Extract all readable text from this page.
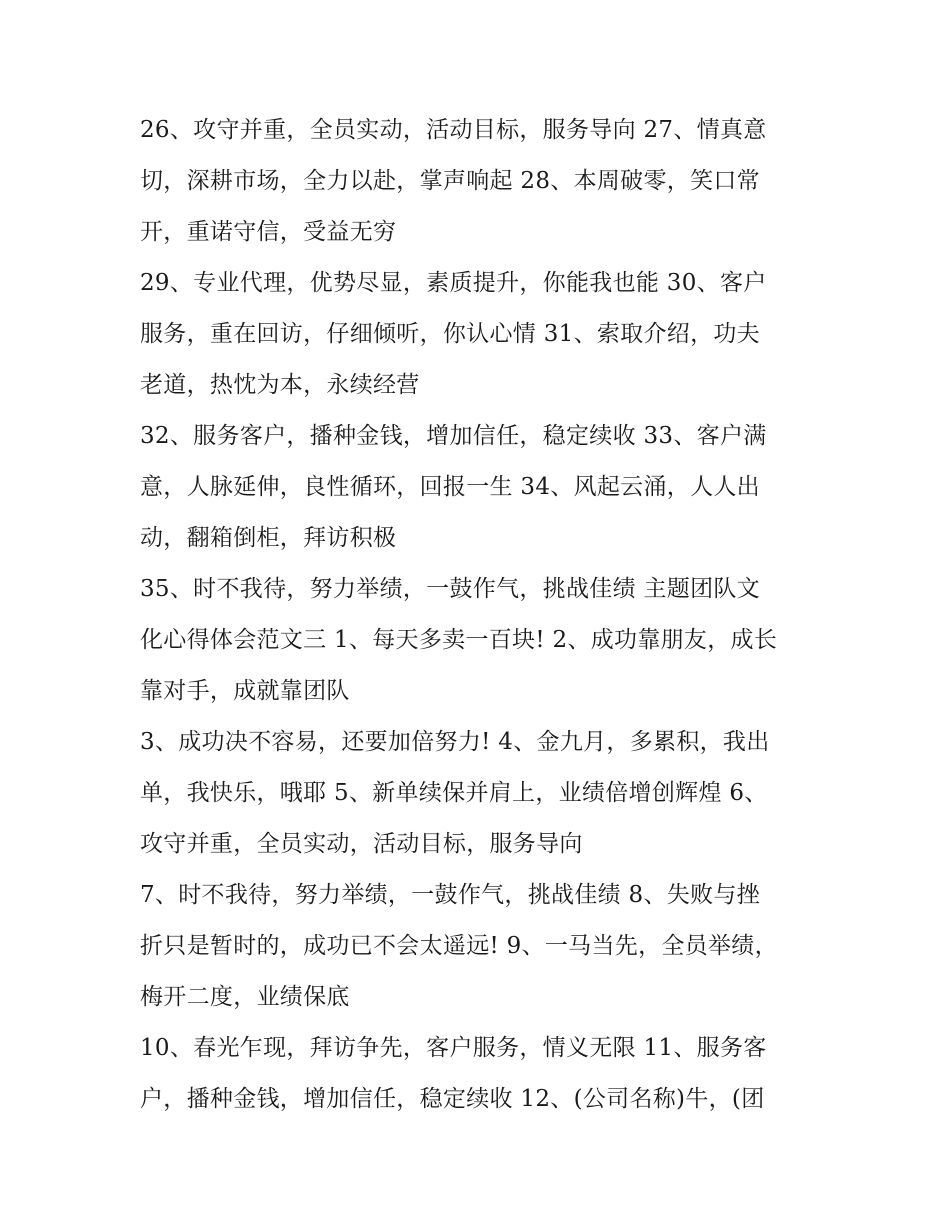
26、攻守并重，全员实动，活动目标，服务导向 27、情真意
切，深耕市场，全力以赴，掌声响起 28、本周破零，笑口常
开，重诺守信，受益无穷
29、专业代理，优势尽显，素质提升，你能我也能 30、客户
服务，重在回访，仔细倾听，你认心情 31、索取介绍，功夫
老道，热忱为本，永续经营
32、服务客户，播种金钱，增加信任，稳定续收 33、客户满
意，人脉延伸，良性循环，回报一生 34、风起云涌，人人出
动，翻箱倒柜，拜访积极
35、时不我待，努力举绩，一鼓作气，挑战佳绩 主题团队文
化心得体会范文三 1、每天多卖一百块! 2、成功靠朋友，成长
靠对手，成就靠团队
3、成功决不容易，还要加倍努力! 4、金九月，多累积，我出
单，我快乐，哦耶 5、新单续保并肩上，业绩倍增创辉煌 6、
攻守并重，全员实动，活动目标，服务导向
7、时不我待，努力举绩，一鼓作气，挑战佳绩 8、失败与挫
折只是暂时的，成功已不会太遥远! 9、一马当先，全员举绩，
梅开二度，业绩保底
10、春光乍现，拜访争先，客户服务，情义无限 11、服务客
户，播种金钱，增加信任，稳定续收 12、(公司名称)牛，(团
